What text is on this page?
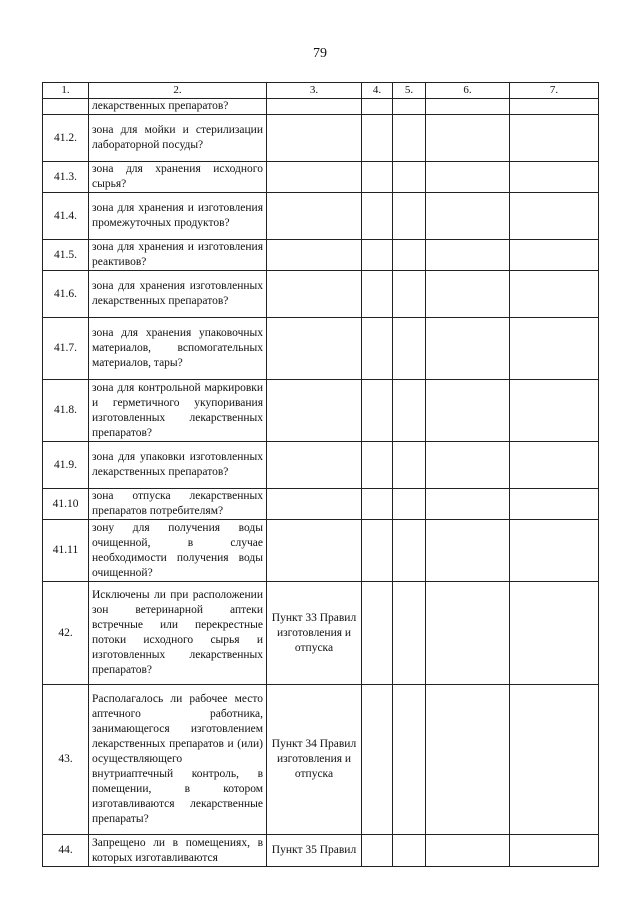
79
1.	2.	3.	4.	5.	6.	7.
	лекарственных препаратов?					
41.2.	зона для мойки и стерилизации лабораторной посуды?					
41.3.	зона для хранения исходного сырья?					
41.4.	зона для хранения и изготовления промежуточных продуктов?					
41.5.	зона для хранения и изготовления реактивов?					
41.6.	зона для хранения изготовленных лекарственных препаратов?					
41.7.	зона для хранения упаковочных материалов, вспомогательных материалов, тары?					
41.8.	зона для контрольной маркировки и герметичного укупоривания изготовленных лекарственных препаратов?					
41.9.	зона для упаковки изготовленных лекарственных препаратов?					
41.10	зона отпуска лекарственных препаратов потребителям?					
41.11	зону для получения воды очищенной, в случае необходимости получения воды очищенной?					
42.	Исключены ли при расположении зон ветеринарной аптеки встречные или перекрестные потоки исходного сырья и изготовленных лекарственных препаратов?	Пункт 33 Правил изготовления и отпуска				
43.	Располагалось ли рабочее место аптечного работника, занимающегося изготовлением лекарственных препаратов и (или) осуществляющего внутриаптечный контроль, в помещении, в котором изготавливаются лекарственные препараты?	Пункт 34 Правил изготовления и отпуска				
44.	Запрещено ли в помещениях, в которых изготавливаются	Пункт 35 Правил				
